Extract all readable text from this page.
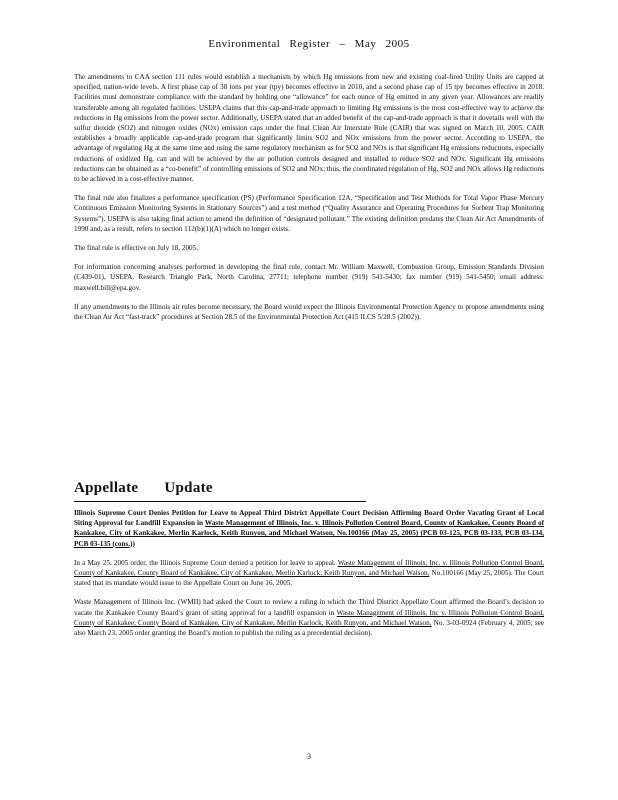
Environmental Register – May 2005

The amendments to CAA section 111 rules would establish a mechanism by which Hg emissions from new and existing coal-fired Utility Units are capped at specified, nation-wide levels. A first phase cap of 38 tons per year (tpy) becomes effective in 2010, and a second phase cap of 15 tpy becomes effective in 2018. Facilities must demonstrate compliance with the standard by holding one “allowance” for each ounce of Hg emitted in any given year. Allowances are readily transferable among all regulated facilities. USEPA claims that this cap-and-trade approach to limiting Hg emissions is the most cost-effective way to achieve the reductions in Hg emissions from the power sector. Additionally, USEPA stated that an added benefit of the cap-and-trade approach is that it dovetails well with the sulfur dioxide (SO2) and nitrogen oxides (NOx) emission caps under the final Clean Air Interstate Rule (CAIR) that was signed on March 10, 2005. CAIR establishes a broadly applicable cap-and-trade program that significantly limits SO2 and NOx emissions from the power sector. According to USEPA, the advantage of regulating Hg at the same time and using the same regulatory mechanism as for SO2 and NOx is that significant Hg emissions reductions, especially reductions of oxidized Hg, can and will be achieved by the air pollution controls designed and installed to reduce SO2 and NOx. Significant Hg emissions reductions can be obtained as a “co-benefit” of controlling emissions of SO2 and NOx; thus, the coordinated regulation of Hg, SO2 and NOx allows Hg reductions to be achieved in a cost-effective manner.

The final rule also finalizes a performance specification (PS) (Performance Specification 12A, “Specification and Test Methods for Total Vapor Phase Mercury Continuous Emission Monitoring Systems in Stationary Sources”) and a test method (“Quality Assurance and Operating Procedures for Sorbent Trap Monitoring Systems”). USEPA is also taking final action to amend the definition of “designated pollutant.” The existing definition predates the Clean Air Act Amendments of 1990 and, as a result, refers to section 112(b)(1)(A) which no longer exists.

The final rule is effective on July 18, 2005.

For information concerning analyses performed in developing the final rule, contact Mr. William Maxwell, Combustion Group, Emission Standards Division (C439-01), USEPA, Research Triangle Park, North Carolina, 27711; telephone number (919) 541-5430; fax number (919) 541-5450; email address: maxwell.bill@epa.gov.

If any amendments to the Illinois air rules become necessary, the Board would expect the Illinois Environmental Protection Agency to propose amendments using the Clean Air Act “fast-track” procedures at Section 28.5 of the Environmental Protection Act (415 ILCS 5/28.5 (2002)).

Appellate Update

Illinois Supreme Court Denies Petition for Leave to Appeal Third District Appellate Court Decision Affirming Board Order Vacating Grant of Local Siting Approval for Landfill Expansion in Waste Management of Illinois, Inc. v. Illinois Pollution Control Board, County of Kankakee, County Board of Kankakee, City of Kankakee, Merlin Karlock, Keith Runyon, and Michael Watson, No.100166 (May 25, 2005) (PCB 03-125, PCB 03-133, PCB 03-134, PCB 03-135 (cons.))

In a May 25, 2005 order, the Illinois Supreme Court denied a petition for leave to appeal. Waste Management of Illinois, Inc. v. Illinois Pollution Control Board, County of Kankakee, County Board of Kankakee, City of Kankakee, Merlin Karlock, Keith Runyon, and Michael Watson, No.100166 (May 25, 2005). The Court stated that its mandate would issue to the Appellate Court on June 16, 2005.

Waste Management of Illinois Inc. (WMII) had asked the Court to review a ruling in which the Third District Appellate Court affirmed the Board’s decision to vacate the Kankakee County Board’s grant of siting approval for a landfill expansion in Waste Management of Illinois, Inc v. Illinois Pollution Control Board, County of Kankakee, County Board of Kankakee, City of Kankakee, Merlin Karlock, Keith Runyon, and Michael Watson, No. 3-03-0924 (February 4, 2005; see also March 23, 2005 order granting the Board’s motion to publish the ruling as a precedential decision).

3
